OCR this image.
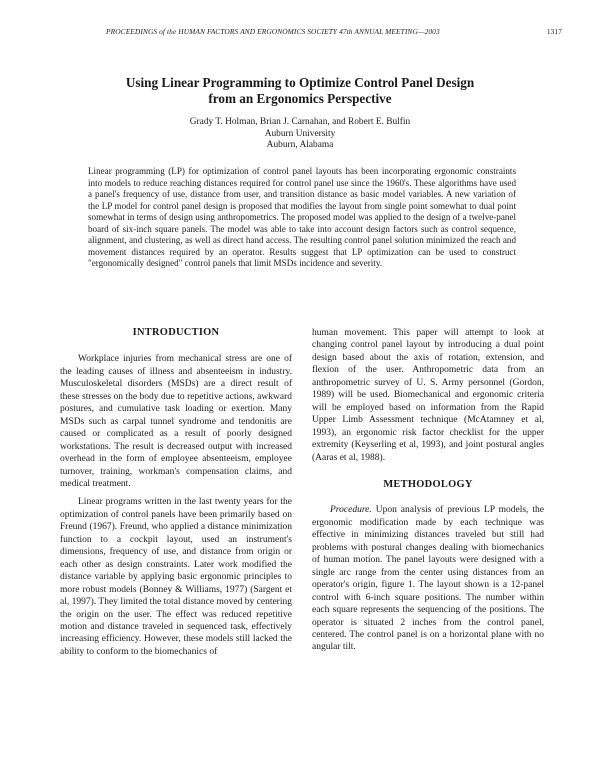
PROCEEDINGS of the HUMAN FACTORS AND ERGONOMICS SOCIETY 47th ANNUAL MEETING—2003	1317
Using Linear Programming to Optimize Control Panel Design
from an Ergonomics Perspective
Grady T. Holman, Brian J. Carnahan, and Robert E. Bulfin
Auburn University
Auburn, Alabama
Linear programming (LP) for optimization of control panel layouts has been incorporating ergonomic constraints into models to reduce reaching distances required for control panel use since the 1960's. These algorithms have used a panel's frequency of use, distance from user, and transition distance as basic model variables. A new variation of the LP model for control panel design is proposed that modifies the layout from single point somewhat to dual point somewhat in terms of design using anthropometrics. The proposed model was applied to the design of a twelve-panel board of six-inch square panels. The model was able to take into account design factors such as control sequence, alignment, and clustering, as well as direct hand access. The resulting control panel solution minimized the reach and movement distances required by an operator. Results suggest that LP optimization can be used to construct "ergonomically designed" control panels that limit MSDs incidence and severity.
INTRODUCTION

Workplace injuries from mechanical stress are one of the leading causes of illness and absenteeism in industry. Musculoskeletal disorders (MSDs) are a direct result of these stresses on the body due to repetitive actions, awkward postures, and cumulative task loading or exertion. Many MSDs such as carpal tunnel syndrome and tendonitis are caused or complicated as a result of poorly designed workstations. The result is decreased output with increased overhead in the form of employee absenteeism, employee turnover, training, workman's compensation claims, and medical treatment.

Linear programs written in the last twenty years for the optimization of control panels have been primarily based on Freund (1967). Freund, who applied a distance minimization function to a cockpit layout, used an instrument's dimensions, frequency of use, and distance from origin or each other as design constraints. Later work modified the distance variable by applying basic ergonomic principles to more robust models (Bonney & Williams, 1977) (Sargent et al, 1997). They limited the total distance moved by centering the origin on the user. The effect was reduced repetitive motion and distance traveled in sequenced task, effectively increasing efficiency. However, these models still lacked the ability to conform to the biomechanics of

human movement. This paper will attempt to look at changing control panel layout by introducing a dual point design based about the axis of rotation, extension, and flexion of the user. Anthropometric data from an anthropometric survey of U. S. Army personnel (Gordon, 1989) will be used. Biomechanical and ergonomic criteria will be employed based on information from the Rapid Upper Limb Assessment technique (McAtamney et al, 1993), an ergonomic risk factor checklist for the upper extremity (Keyserling et al, 1993), and joint postural angles (Aaras et al, 1988).

METHODOLOGY

Procedure. Upon analysis of previous LP models, the ergonomic modification made by each technique was effective in minimizing distances traveled but still had problems with postural changes dealing with biomechanics of human motion. The panel layouts were designed with a single arc range from the center using distances from an operator's origin, figure 1. The layout shown is a 12-panel control with 6-inch square positions. The number within each square represents the sequencing of the positions. The operator is situated 2 inches from the control panel, centered. The control panel is on a horizontal plane with no angular tilt.
